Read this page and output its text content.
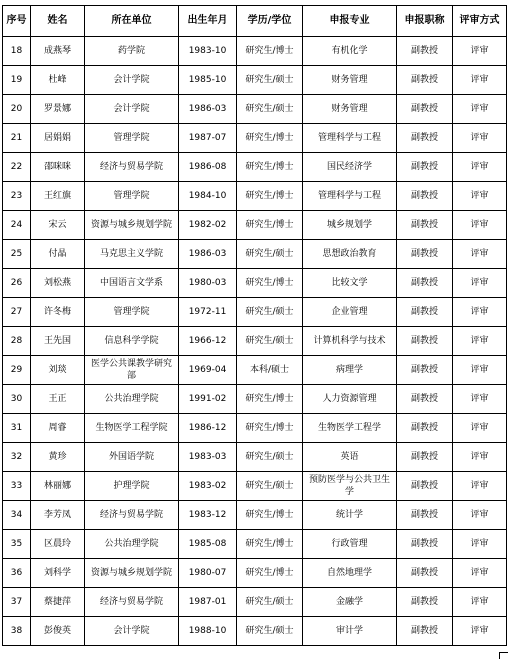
序号	姓名	所在单位	出生年月	学历/学位	申报专业	申报职称	评审方式
18	成燕琴	药学院	1983-10	研究生/博士	有机化学	副教授	评审
19	杜峰	会计学院	1985-10	研究生/硕士	财务管理	副教授	评审
20	罗景娜	会计学院	1986-03	研究生/硕士	财务管理	副教授	评审
21	居娟娟	管理学院	1987-07	研究生/博士	管理科学与工程	副教授	评审
22	邵咪咪	经济与贸易学院	1986-08	研究生/博士	国民经济学	副教授	评审
23	王红旗	管理学院	1984-10	研究生/博士	管理科学与工程	副教授	评审
24	宋云	资源与城乡规划学院	1982-02	研究生/博士	城乡规划学	副教授	评审
25	付晶	马克思主义学院	1986-03	研究生/硕士	思想政治教育	副教授	评审
26	刘松燕	中国语言文学系	1980-03	研究生/博士	比较文学	副教授	评审
27	许冬梅	管理学院	1972-11	研究生/硕士	企业管理	副教授	评审
28	王先国	信息科学学院	1966-12	研究生/硕士	计算机科学与技术	副教授	评审
29	刘琰	医学公共课教学研究部	1969-04	本科/硕士	病理学	副教授	评审
30	王正	公共治理学院	1991-02	研究生/博士	人力资源管理	副教授	评审
31	周睿	生物医学工程学院	1986-12	研究生/博士	生物医学工程学	副教授	评审
32	黄珍	外国语学院	1983-03	研究生/硕士	英语	副教授	评审
33	林丽娜	护理学院	1983-02	研究生/硕士	预防医学与公共卫生学	副教授	评审
34	李芳凤	经济与贸易学院	1983-12	研究生/博士	统计学	副教授	评审
35	区晨玲	公共治理学院	1985-08	研究生/博士	行政管理	副教授	评审
36	刘科学	资源与城乡规划学院	1980-07	研究生/博士	自然地理学	副教授	评审
37	蔡捷萍	经济与贸易学院	1987-01	研究生/硕士	金融学	副教授	评审
38	彭俊英	会计学院	1988-10	研究生/硕士	审计学	副教授	评审
